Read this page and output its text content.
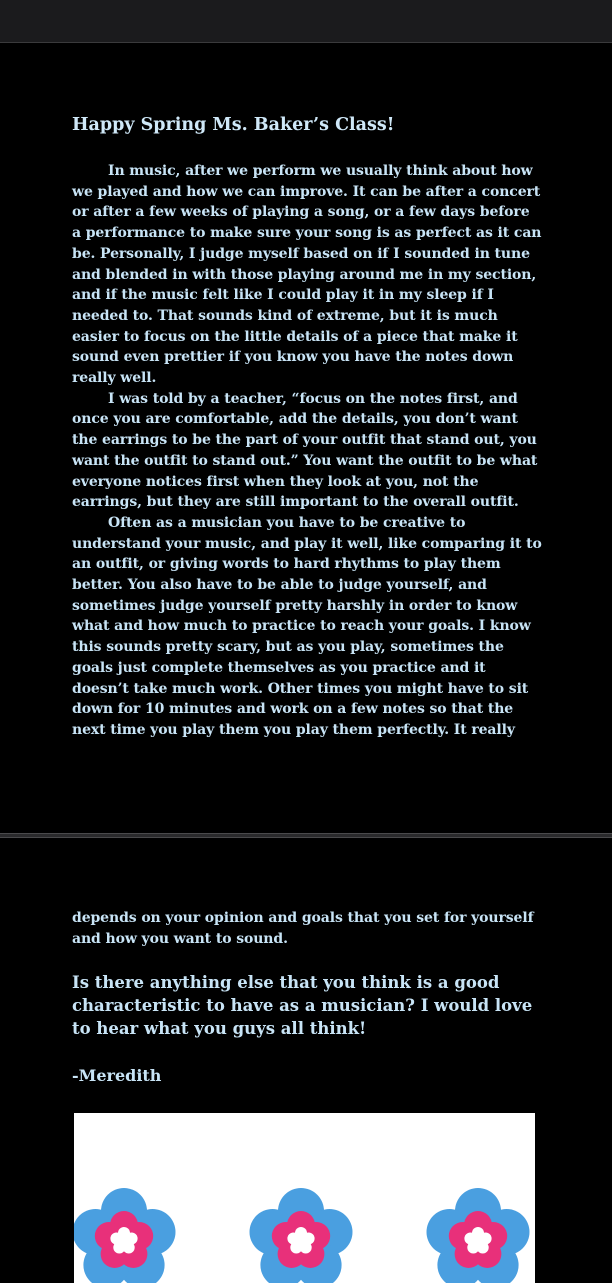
Happy Spring Ms. Baker’s Class!

In music, after we perform we usually think about how we played and how we can improve. It can be after a concert or after a few weeks of playing a song, or a few days before a performance to make sure your song is as perfect as it can be. Personally, I judge myself based on if I sounded in tune and blended in with those playing around me in my section, and if the music felt like I could play it in my sleep if I needed to. That sounds kind of extreme, but it is much easier to focus on the little details of a piece that make it sound even prettier if you know you have the notes down really well.

I was told by a teacher, “focus on the notes first, and once you are comfortable, add the details, you don’t want the earrings to be the part of your outfit that stand out, you want the outfit to stand out.” You want the outfit to be what everyone notices first when they look at you, not the earrings, but they are still important to the overall outfit.

Often as a musician you have to be creative to understand your music, and play it well, like comparing it to an outfit, or giving words to hard rhythms to play them better. You also have to be able to judge yourself, and sometimes judge yourself pretty harshly in order to know what and how much to practice to reach your goals. I know this sounds pretty scary, but as you play, sometimes the goals just complete themselves as you practice and it doesn’t take much work. Other times you might have to sit down for 10 minutes and work on a few notes so that the next time you play them you play them perfectly. It really

depends on your opinion and goals that you set for yourself and how you want to sound.

Is there anything else that you think is a good characteristic to have as a musician? I would love to hear what you guys all think!

-Meredith
